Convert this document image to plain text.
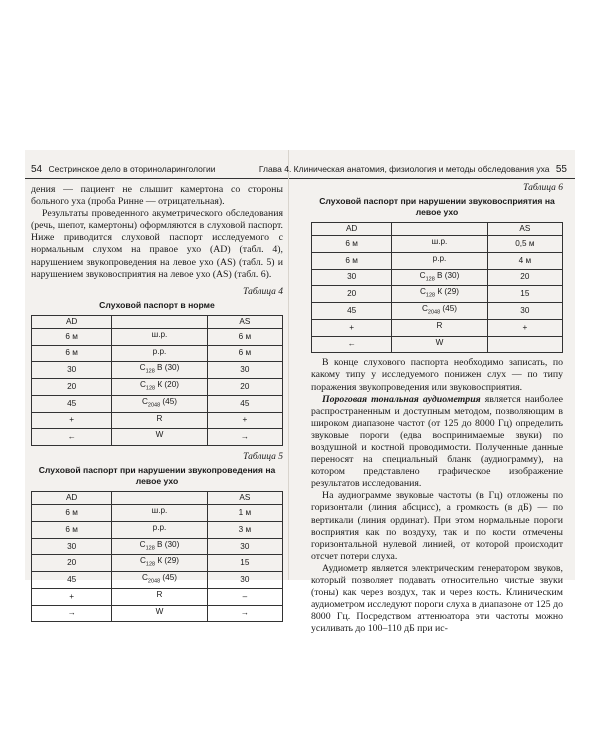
54 Сестринское дело в оториноларингологии

дения — пациент не слышит камертона со стороны больного уха (проба Ринне — отрицательная).

Результаты проведенного акуметрического обследования (речь, шепот, камертоны) оформляются в слуховой паспорт. Ниже приводится слуховой паспорт исследуемого с нормальным слухом на правое ухо (AD) (табл. 4), нарушением звукопроведения на левое ухо (AS) (табл. 5) и нарушением звуковосприятия на левое ухо (AS) (табл. 6).

Таблица 4
Слуховой паспорт в норме
AD		AS
6 м	ш.р.	6 м
6 м	р.р.	6 м
30	$С_{128}$ В (30)	30
20	$С_{128}$ К (20)	20
45	$С_{2048}$ (45)	45
+	R	+
←	W	→
Таблица 5
Слуховой паспорт при нарушении звукопроведения на левое ухо
AD		AS
6 м	ш.р.	1 м
6 м	р.р.	3 м
30	$С_{128}$ В (30)	30
20	$С_{128}$ К (29)	15
45	$С_{2048}$ (45)	30
+	R	–
→	W	→
Глава 4. Клиническая анатомия, физиология и методы обследования уха 55
Таблица 6
Слуховой паспорт при нарушении звуковосприятия на левое ухо
AD		AS
6 м	ш.р.	0,5 м
6 м	р.р.	4 м
30	$С_{128}$ В (30)	20
20	$С_{128}$ К (29)	15
45	$С_{2048}$ (45)	30
+	R	+
←	W	

В конце слухового паспорта необходимо записать, по какому типу у исследуемого понижен слух — по типу поражения звукопроведения или звуковосприятия.

Пороговая тональная аудиометрия является наиболее распространенным и доступным методом, позволяющим в широком диапазоне частот (от 125 до 8000 Гц) определить звуковые пороги (едва воспринимаемые звуки) по воздушной и костной проводимости. Полученные данные переносят на специальный бланк (аудиограмму), на котором представлено графическое изображение результатов исследования.

На аудиограмме звуковые частоты (в Гц) отложены по горизонтали (линия абсцисс), а громкость (в дБ) — по вертикали (линия ординат). При этом нормальные пороги восприятия как по воздуху, так и по кости отмечены горизонтальной нулевой линией, от которой происходит отсчет потери слуха.

Аудиометр является электрическим генератором звуков, который позволяет подавать относительно чистые звуки (тоны) как через воздух, так и через кость. Клиническим аудиометром исследуют пороги слуха в диапазоне от 125 до 8000 Гц. Посредством аттенюатора эти частоты можно усиливать до 100–110 дБ при ис-
